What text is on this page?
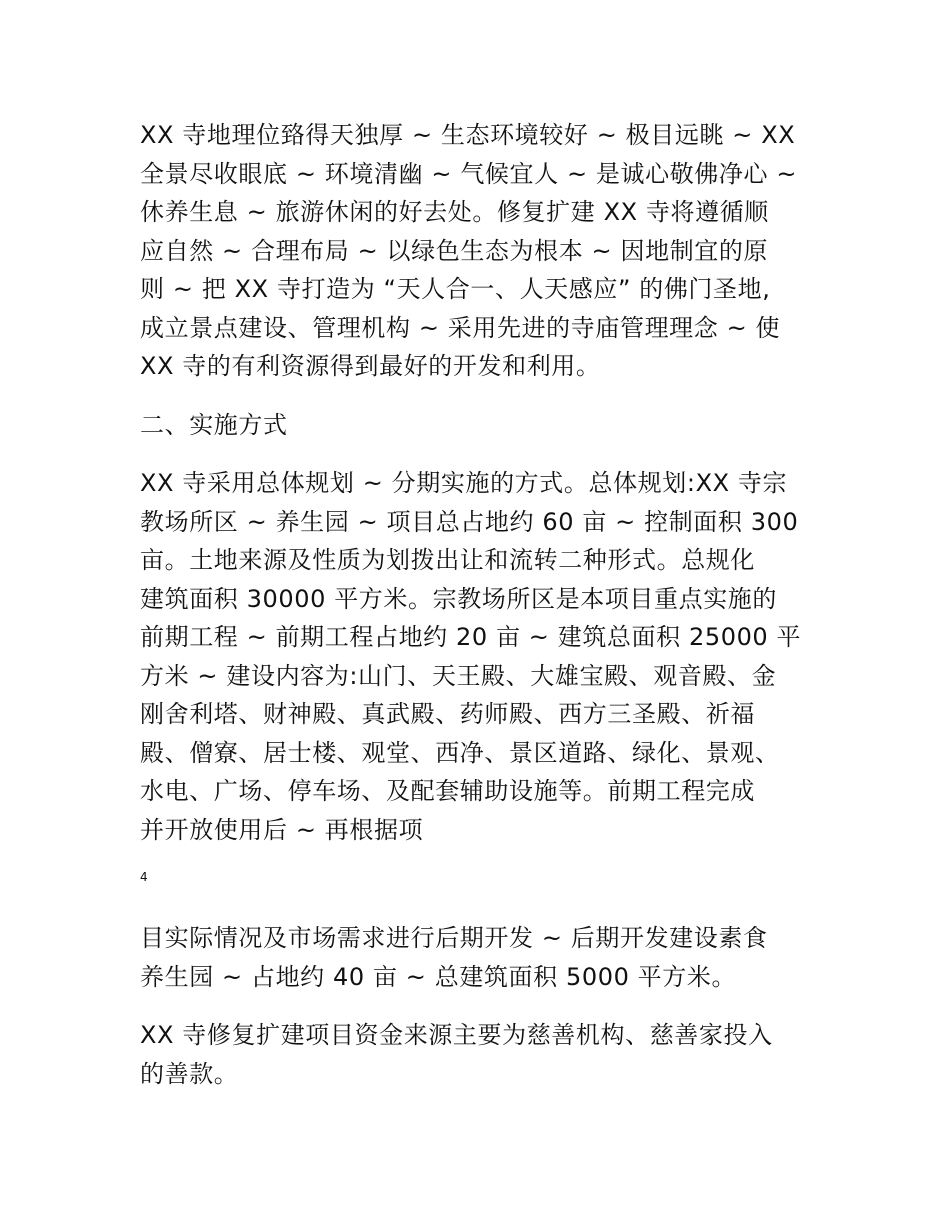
XX 寺地理位臵得天独厚 ~ 生态环境较好 ~ 极目远眺 ~ XX
全景尽收眼底 ~ 环境清幽 ~ 气候宜人 ~ 是诚心敬佛净心 ~
休养生息 ~ 旅游休闲的好去处。修复扩建 XX 寺将遵循顺
应自然 ~ 合理布局 ~ 以绿色生态为根本 ~ 因地制宜的原
则 ~ 把 XX 寺打造为 “天人合一、人天感应” 的佛门圣地,
成立景点建设、管理机构 ~ 采用先进的寺庙管理理念 ~ 使
XX 寺的有利资源得到最好的开发和利用。

二、实施方式

XX 寺采用总体规划 ~ 分期实施的方式。总体规划:XX 寺宗
教场所区 ~ 养生园 ~ 项目总占地约 60 亩 ~ 控制面积 300
亩。土地来源及性质为划拨出让和流转二种形式。总规化
建筑面积 30000 平方米。宗教场所区是本项目重点实施的
前期工程 ~ 前期工程占地约 20 亩 ~ 建筑总面积 25000 平
方米 ~ 建设内容为:山门、天王殿、大雄宝殿、观音殿、金
刚舍利塔、财神殿、真武殿、药师殿、西方三圣殿、祈福
殿、僧寮、居士楼、观堂、西净、景区道路、绿化、景观、
水电、广场、停车场、及配套辅助设施等。前期工程完成
并开放使用后 ~ 再根据项

4

目实际情况及市场需求进行后期开发 ~ 后期开发建设素食
养生园 ~ 占地约 40 亩 ~ 总建筑面积 5000 平方米。

XX 寺修复扩建项目资金来源主要为慈善机构、慈善家投入
的善款。
